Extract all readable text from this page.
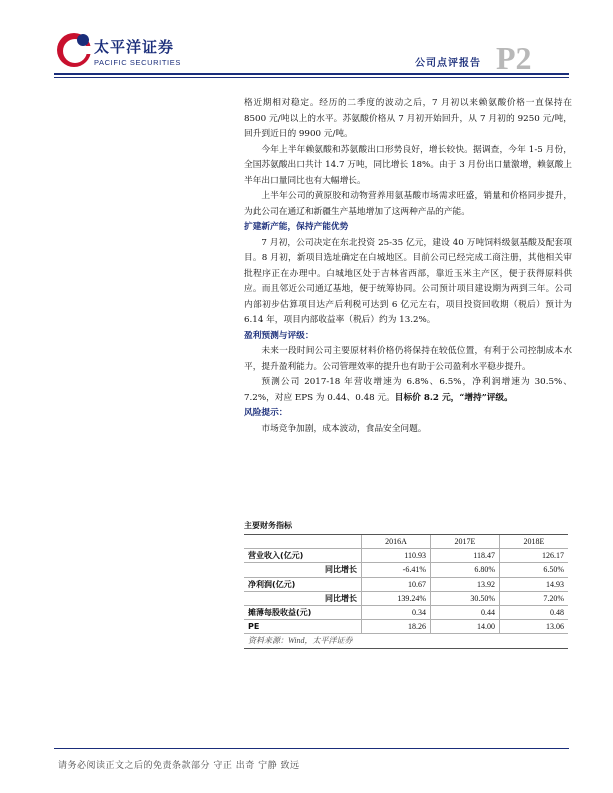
太平洋证券
PACIFIC SECURITIES	公司点评报告 P2

格近期相对稳定。经历的二季度的波动之后，7 月初以来赖氨酸价格一直保持在 8500 元/吨以上的水平。苏氨酸价格从 7 月初开始回升，从 7 月初的 9250 元/吨，回升到近日的 9900 元/吨。

今年上半年赖氨酸和苏氨酸出口形势良好，增长较快。据调查，今年 1-5 月份，全国苏氨酸出口共计 14.7 万吨，同比增长 18%。由于 3 月份出口量激增，赖氨酸上半年出口量同比也有大幅增长。

上半年公司的黄原胶和动物营养用氨基酸市场需求旺盛，销量和价格同步提升，为此公司在通辽和新疆生产基地增加了这两种产品的产能。

扩建新产能，保持产能优势

7 月初，公司决定在东北投资 25-35 亿元，建设 40 万吨饲料级氨基酸及配套项目。8 月初，新项目选址确定在白城地区。目前公司已经完成工商注册，其他相关审批程序正在办理中。白城地区处于吉林省西部，靠近玉米主产区，便于获得原料供应。而且邻近公司通辽基地，便于统筹协同。公司预计项目建设期为两到三年。公司内部初步估算项目达产后利税可达到 6 亿元左右，项目投资回收期（税后）预计为 6.14 年，项目内部收益率（税后）约为 13.2%。

盈利预测与评级：

未来一段时间公司主要原材料价格仍将保持在较低位置，有利于公司控制成本水平，提升盈利能力。公司管理效率的提升也有助于公司盈利水平稳步提升。

预测公司 2017-18 年营收增速为 6.8%、6.5%，净利润增速为 30.5%、7.2%，对应 EPS 为 0.44、0.48 元。目标价 8.2 元，“增持”评级。

风险提示：

市场竞争加剧，成本波动，食品安全问题。

主要财务指标
	2016A	2017E	2018E
营业收入(亿元)	110.93	118.47	126.17
同比增长	-6.41%	6.80%	6.50%
净利润(亿元)	10.67	13.92	14.93
同比增长	139.24%	30.50%	7.20%
摊薄每股收益(元)	0.34	0.44	0.48
PE	18.26	14.00	13.06
资料来源：Wind，太平洋证券			
请务必阅读正文之后的免责条款部分 守正 出奇 宁静 致远
